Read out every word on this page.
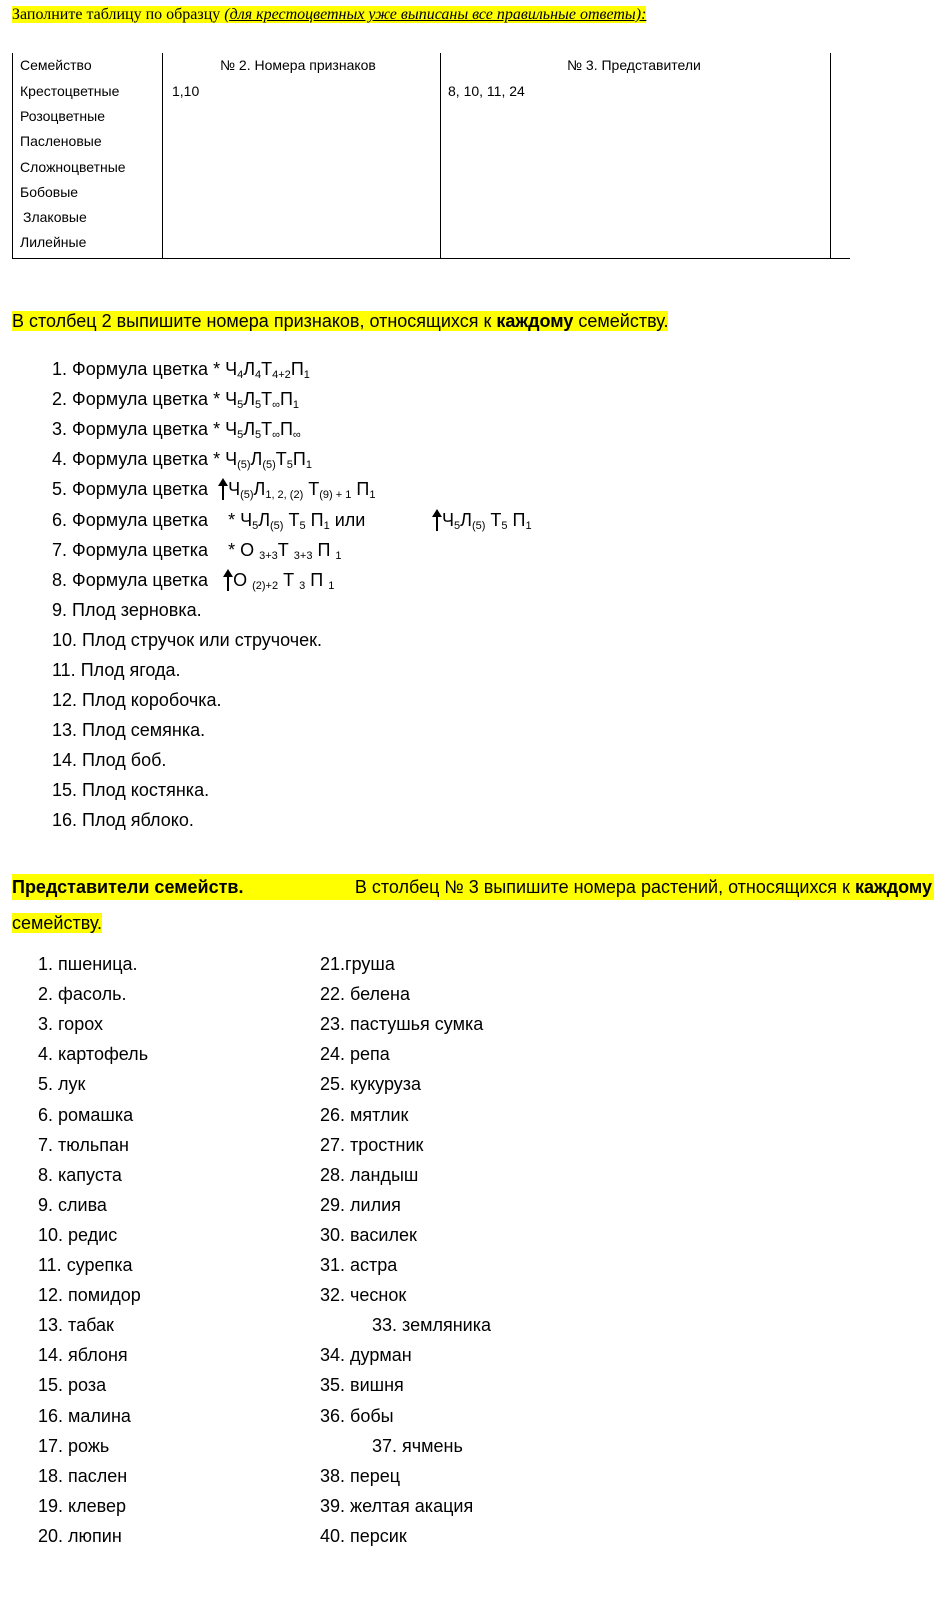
Заполните таблицу по образцу (для крестоцветных уже выписаны все правильные ответы):
Семейство	№ 2. Номера признаков	№ 3. Представители
Крестоцветные	1,10	8, 10, 11, 24
Розоцветные
Пасленовые
Сложноцветные
Бобовые
Злаковые
Лилейные
В столбец 2 выпишите номера признаков, относящихся к каждому семейству.
1. Формула цветка * $Ч_4Л_4Т_{4+2}П_1$
2. Формула цветка * $Ч_5Л_5Т_\infty П_1$
3. Формула цветка * $Ч_5Л_5Т_\infty П_\infty$
4. Формула цветка * $Ч_{(5)}Л_{(5)}Т_5П_1$
5. Формула цветка $Ч_{(5)}Л_{1, 2, (2)}$ $Т_{(9) + 1}$ $П_1$
6. Формула цветка * $Ч_5Л_{(5)}$ $Т_5$ $П_1$ или	$Ч_5Л_{(5)}$ $Т_5$ $П_1$
7. Формула цветка * О $_{3+3}$Т $_{3+3}$ П $_1$
8. Формула цветка О $_{(2)+2}$ Т $_3$ П $_1$
9. Плод зерновка.
10. Плод стручок или стручочек.
11. Плод ягода.
12. Плод коробочка.
13. Плод семянка.
14. Плод боб.
15. Плод костянка.
16. Плод яблоко.
Представители семейств.	В столбец № 3 выпишите номера растений, относящихся к каждому
семейству.
1. пшеница.
2. фасоль.
3. горох
4. картофель
5. лук
6. ромашка
7. тюльпан
8. капуста
9. слива
10. редис
11. сурепка
12. помидор
13. табак
14. яблоня
15. роза
16. малина
17. рожь
18. паслен
19. клевер
20. люпин
21.груша
22. белена
23. пастушья сумка
24. репа
25. кукуруза
26. мятлик
27. тростник
28. ландыш
29. лилия
30. василек
31. астра
32. чеснок
33. земляника
34. дурман
35. вишня
36. бобы
37. ячмень
38. перец
39. желтая акация
40. персик
